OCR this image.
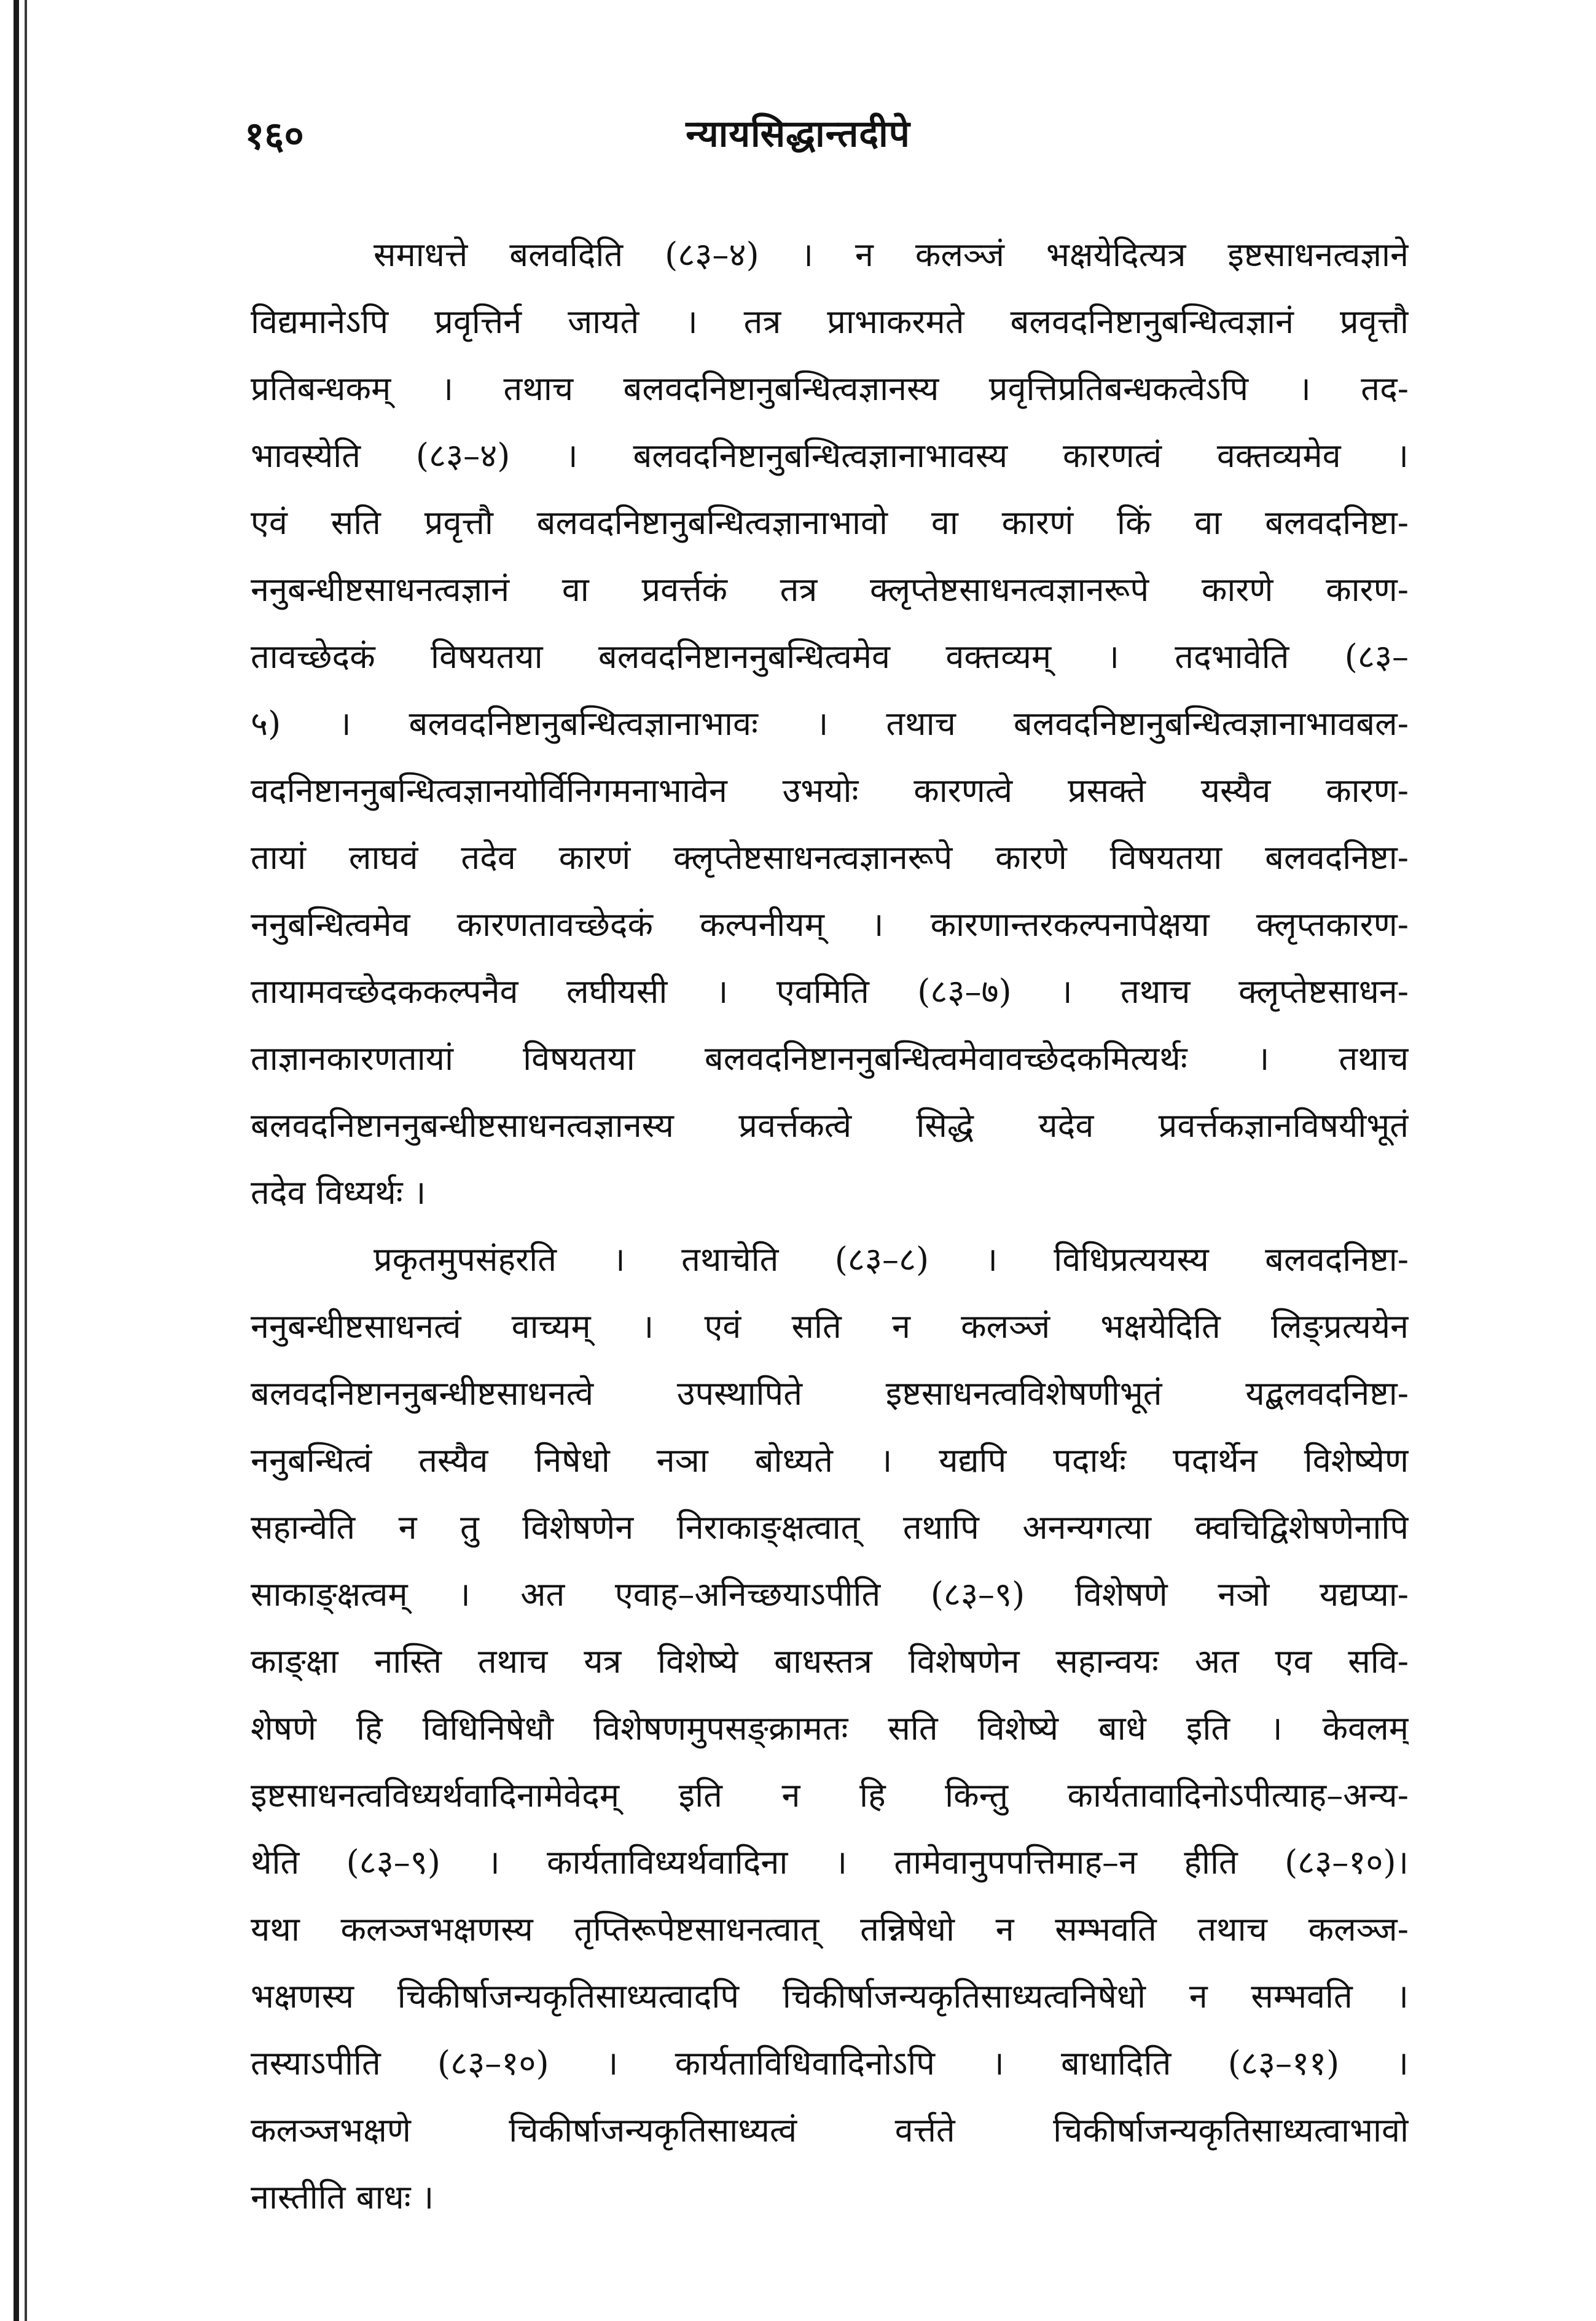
१६०	न्यायसिद्धान्तदीपे
समाधत्ते बलवदिति (८३–४) । न कलञ्जं भक्षयेदित्यत्र इष्टसाधनत्वज्ञाने
विद्यमानेऽपि प्रवृत्तिर्न जायते । तत्र प्राभाकरमते बलवदनिष्टानुबन्धित्वज्ञानं प्रवृत्तौ
प्रतिबन्धकम् । तथाच बलवदनिष्टानुबन्धित्वज्ञानस्य प्रवृत्तिप्रतिबन्धकत्वेऽपि । तद-
भावस्येति (८३–४) । बलवदनिष्टानुबन्धित्वज्ञानाभावस्य कारणत्वं वक्तव्यमेव ।
एवं सति प्रवृत्तौ बलवदनिष्टानुबन्धित्वज्ञानाभावो वा कारणं किं वा बलवदनिष्टा-
ननुबन्धीष्टसाधनत्वज्ञानं वा प्रवर्त्तकं तत्र क्लृप्तेष्टसाधनत्वज्ञानरूपे कारणे कारण-
तावच्छेदकं विषयतया बलवदनिष्टाननुबन्धित्वमेव वक्तव्यम् । तदभावेति (८३–
५) । बलवदनिष्टानुबन्धित्वज्ञानाभावः । तथाच बलवदनिष्टानुबन्धित्वज्ञानाभावबल-
वदनिष्टाननुबन्धित्वज्ञानयोर्विनिगमनाभावेन उभयोः कारणत्वे प्रसक्ते यस्यैव कारण-
तायां लाघवं तदेव कारणं क्लृप्तेष्टसाधनत्वज्ञानरूपे कारणे विषयतया बलवदनिष्टा-
ननुबन्धित्वमेव कारणतावच्छेदकं कल्पनीयम् । कारणान्तरकल्पनापेक्षया क्लृप्तकारण-
तायामवच्छेदककल्पनैव लघीयसी । एवमिति (८३–७) । तथाच क्लृप्तेष्टसाधन-
ताज्ञानकारणतायां विषयतया बलवदनिष्टाननुबन्धित्वमेवावच्छेदकमित्यर्थः । तथाच
बलवदनिष्टाननुबन्धीष्टसाधनत्वज्ञानस्य प्रवर्त्तकत्वे सिद्धे यदेव प्रवर्त्तकज्ञानविषयीभूतं
तदेव विध्यर्थः ।
प्रकृतमुपसंहरति । तथाचेति (८३–८) । विधिप्रत्ययस्य बलवदनिष्टा-
ननुबन्धीष्टसाधनत्वं वाच्यम् । एवं सति न कलञ्जं भक्षयेदिति लिङ्प्रत्ययेन
बलवदनिष्टाननुबन्धीष्टसाधनत्वे उपस्थापिते इष्टसाधनत्वविशेषणीभूतं यद्बलवदनिष्टा-
ननुबन्धित्वं तस्यैव निषेधो नञा बोध्यते । यद्यपि पदार्थः पदार्थेन विशेष्येण
सहान्वेति न तु विशेषणेन निराकाङ्क्षत्वात् तथापि अनन्यगत्या क्वचिद्विशेषणेनापि
साकाङ्क्षत्वम् । अत एवाह–अनिच्छयाऽपीति (८३–९) विशेषणे नञो यद्यप्या-
काङ्क्षा नास्ति तथाच यत्र विशेष्ये बाधस्तत्र विशेषणेन सहान्वयः अत एव सवि-
शेषणे हि विधिनिषेधौ विशेषणमुपसङ्क्रामतः सति विशेष्ये बाधे इति । केवलम्
इष्टसाधनत्वविध्यर्थवादिनामेवेदम् इति न हि किन्तु कार्यतावादिनोऽपीत्याह–अन्य-
थेति (८३–९) । कार्यताविध्यर्थवादिना । तामेवानुपपत्तिमाह–न हीति (८३–१०)।
यथा कलञ्जभक्षणस्य तृप्तिरूपेष्टसाधनत्वात् तन्निषेधो न सम्भवति तथाच कलञ्ज-
भक्षणस्य चिकीर्षाजन्यकृतिसाध्यत्वादपि चिकीर्षाजन्यकृतिसाध्यत्वनिषेधो न सम्भवति ।
तस्याऽपीति (८३–१०) । कार्यताविधिवादिनोऽपि । बाधादिति (८३–११) ।
कलञ्जभक्षणे चिकीर्षाजन्यकृतिसाध्यत्वं वर्त्तते चिकीर्षाजन्यकृतिसाध्यत्वाभावो
नास्तीति बाधः ।
